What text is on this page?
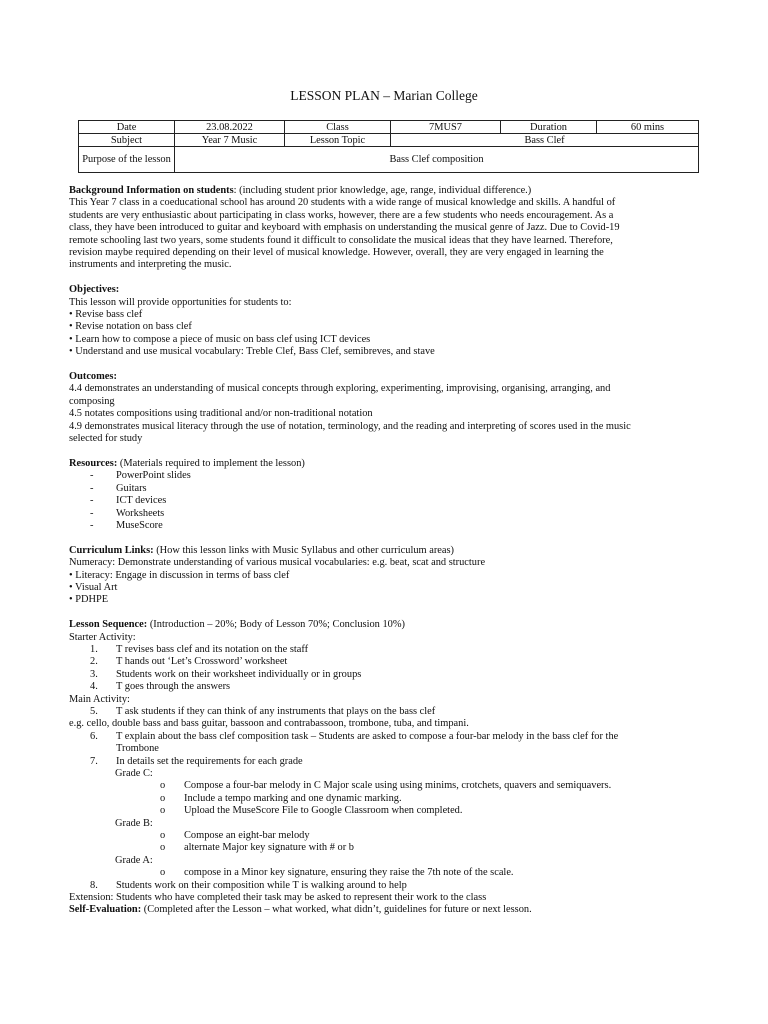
LESSON PLAN – Marian College
Date	23.08.2022	Class	7MUS7	Duration	60 mins
Subject	Year 7 Music	Lesson Topic	Bass Clef		
Purpose of the lesson	Bass Clef composition				
Background Information on students: (including student prior knowledge, age, range, individual difference.)
This Year 7 class in a coeducational school has around 20 students with a wide range of musical knowledge and skills. A handful of
students are very enthusiastic about participating in class works, however, there are a few students who needs encouragement. As a
class, they have been introduced to guitar and keyboard with emphasis on understanding the musical genre of Jazz. Due to Covid-19
remote schooling last two years, some students found it difficult to consolidate the musical ideas that they have learned. Therefore,
revision maybe required depending on their level of musical knowledge. However, overall, they are very engaged in learning the
instruments and interpreting the music.
Objectives:
This lesson will provide opportunities for students to:
• Revise bass clef
• Revise notation on bass clef
• Learn how to compose a piece of music on bass clef using ICT devices
• Understand and use musical vocabulary: Treble Clef, Bass Clef, semibreves, and stave
Outcomes:
4.4 demonstrates an understanding of musical concepts through exploring, experimenting, improvising, organising, arranging, and
composing
4.5 notates compositions using traditional and/or non-traditional notation
4.9 demonstrates musical literacy through the use of notation, terminology, and the reading and interpreting of scores used in the music
selected for study
Resources: (Materials required to implement the lesson)
- PowerPoint slides
- Guitars
- ICT devices
- Worksheets
- MuseScore
Curriculum Links: (How this lesson links with Music Syllabus and other curriculum areas)
Numeracy: Demonstrate understanding of various musical vocabularies: e.g. beat, scat and structure
• Literacy: Engage in discussion in terms of bass clef
• Visual Art
• PDHPE
Lesson Sequence: (Introduction – 20%; Body of Lesson 70%; Conclusion 10%)
Starter Activity:
1. T revises bass clef and its notation on the staff
2. T hands out ‘Let’s Crossword’ worksheet
3. Students work on their worksheet individually or in groups
4. T goes through the answers
Main Activity:
5. T ask students if they can think of any instruments that plays on the bass clef
e.g. cello, double bass and bass guitar, bassoon and contrabassoon, trombone, tuba, and timpani.
6. T explain about the bass clef composition task – Students are asked to compose a four-bar melody in the bass clef for the
Trombone
7. In details set the requirements for each grade
Grade C:
o Compose a four-bar melody in C Major scale using using minims, crotchets, quavers and semiquavers.
o Include a tempo marking and one dynamic marking.
o Upload the MuseScore File to Google Classroom when completed.
Grade B:
o Compose an eight-bar melody
o alternate Major key signature with # or b
Grade A:
o compose in a Minor key signature, ensuring they raise the 7th note of the scale.
8. Students work on their composition while T is walking around to help
Extension: Students who have completed their task may be asked to represent their work to the class
Self-Evaluation: (Completed after the Lesson – what worked, what didn’t, guidelines for future or next lesson.
